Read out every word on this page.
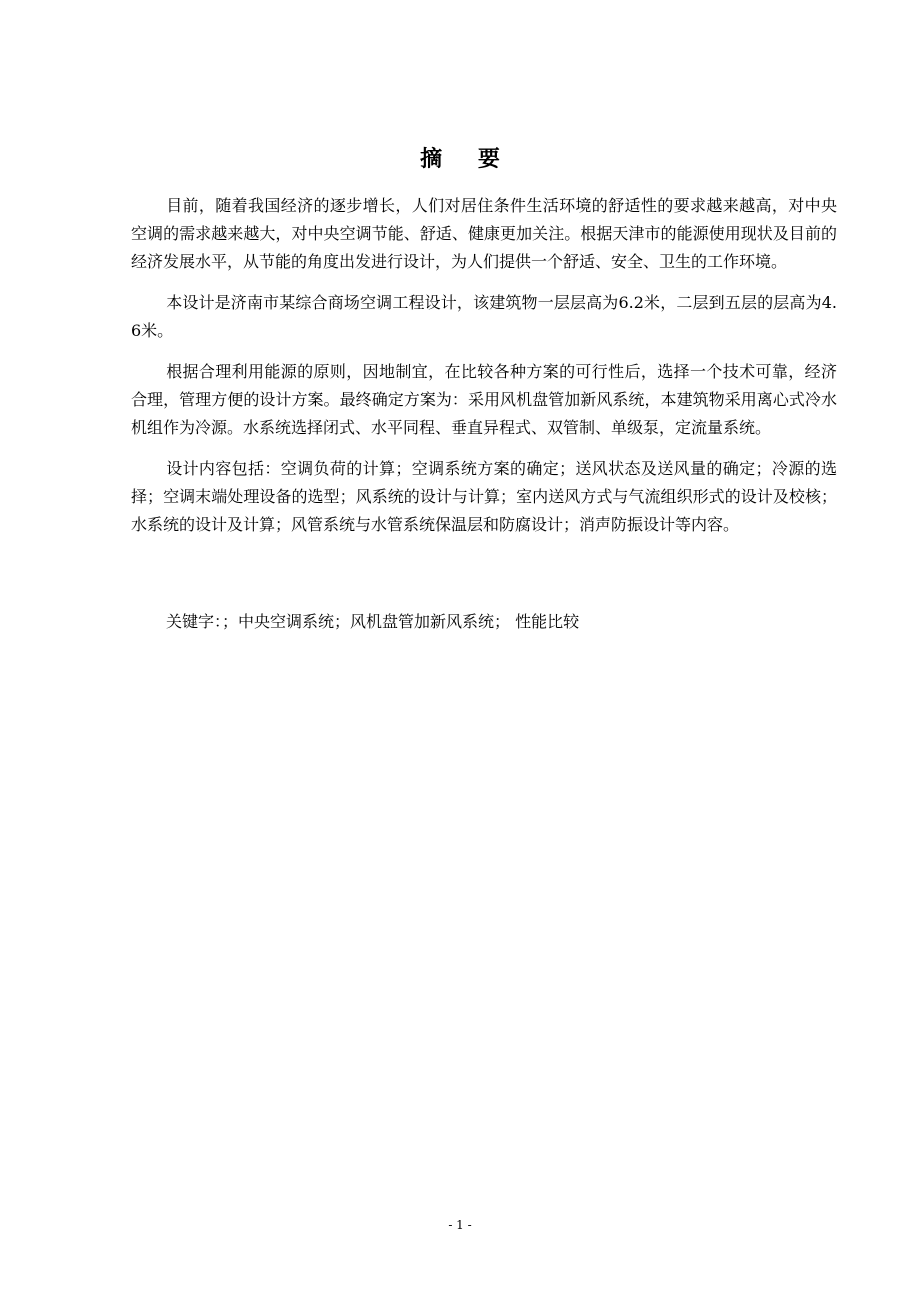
摘 要

目前，随着我国经济的逐步增长，人们对居住条件生活环境的舒适性的要求越来越高，对中央空调的需求越来越大，对中央空调节能、舒适、健康更加关注。根据天津市的能源使用现状及目前的经济发展水平，从节能的角度出发进行设计，为人们提供一个舒适、安全、卫生的工作环境。

本设计是济南市某综合商场空调工程设计，该建筑物一层层高为6.2米，二层到五层的层高为4.6米。

根据合理利用能源的原则，因地制宜，在比较各种方案的可行性后，选择一个技术可靠，经济合理，管理方便的设计方案。最终确定方案为：采用风机盘管加新风系统，本建筑物采用离心式冷水机组作为冷源。水系统选择闭式、水平同程、垂直异程式、双管制、单级泵，定流量系统。

设计内容包括：空调负荷的计算；空调系统方案的确定；送风状态及送风量的确定；冷源的选择；空调末端处理设备的选型；风系统的设计与计算；室内送风方式与气流组织形式的设计及校核；水系统的设计及计算；风管系统与水管系统保温层和防腐设计；消声防振设计等内容。

关键字：；中央空调系统；风机盘管加新风系统； 性能比较
- 1 -
